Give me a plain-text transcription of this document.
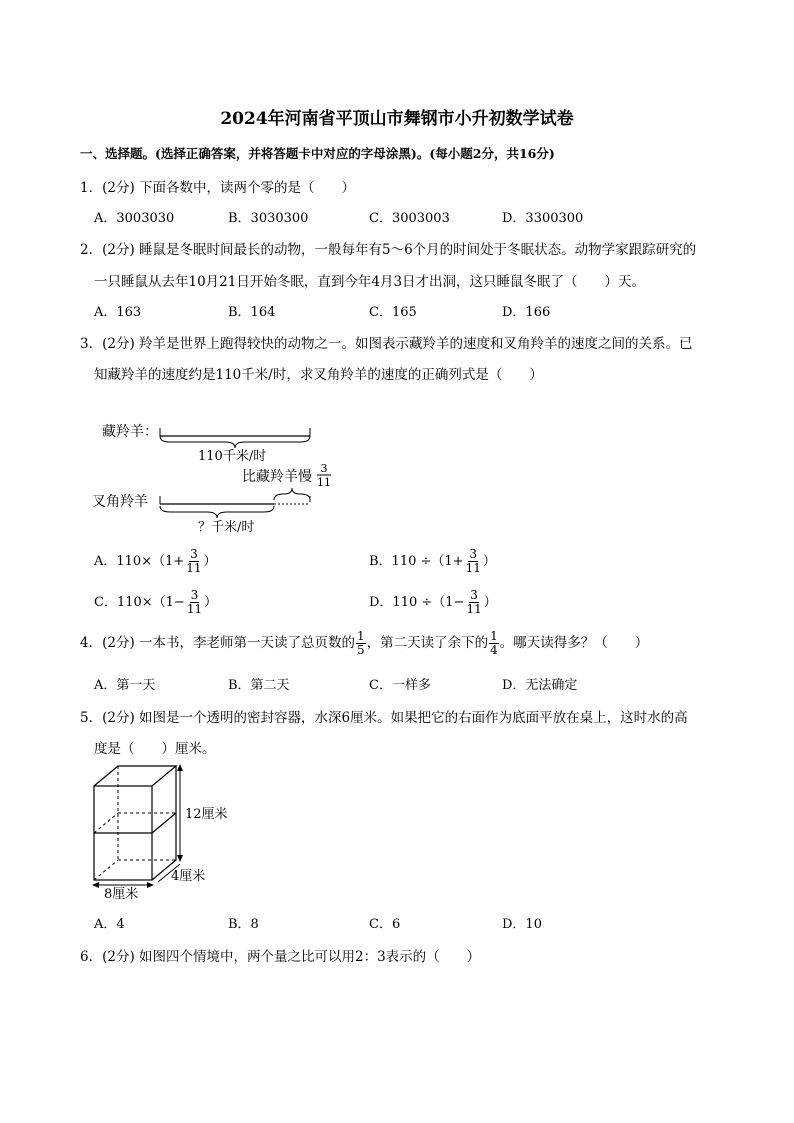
2024年河南省平顶山市舞钢市小升初数学试卷
一、选择题。(选择正确答案，并将答题卡中对应的字母涂黑)。(每小题2分，共16分)
1．(2分) 下面各数中，读两个零的是（　　）
A．3003030	B．3030300	C．3003003	D．3300300
2．(2分) 睡鼠是冬眠时间最长的动物，一般每年有5～6个月的时间处于冬眠状态。动物学家跟踪研究的
一只睡鼠从去年10月21日开始冬眠，直到今年4月3日才出洞，这只睡鼠冬眠了（　　）天。
A．163	B．164	C．165	D．166
3．(2分) 羚羊是世界上跑得较快的动物之一。如图表示藏羚羊的速度和叉角羚羊的速度之间的关系。已
知藏羚羊的速度约是110千米/时，求叉角羚羊的速度的正确列式是（　　）
藏羚羊：
110千米/时
比藏羚羊慢
3
11
叉角羚羊
？千米/时
A．$110\times(1+ \frac{3}{11}$ ）	B．$110 \div(1+ \frac{3}{11}$ ）
C．$110\times(1- \frac{3}{11}$ ）	D．$110 \div(1- \frac{3}{11}$ ）
4．(2分) 一本书，李老师第一天读了总页数的 $\frac{1}{5}$ ，第二天读了余下的 $\frac{1}{4}$ 。哪天读得多？（　　）
A．第一天	B．第二天	C．一样多	D．无法确定
5．(2分) 如图是一个透明的密封容器，水深6厘米。如果把它的右面作为底面平放在桌上，这时水的高
度是（　　）厘米。
12厘米
4厘米
8厘米
A．4	B．8	C．6	D．10
6．(2分) 如图四个情境中，两个量之比可以用2：3表示的（　　）
